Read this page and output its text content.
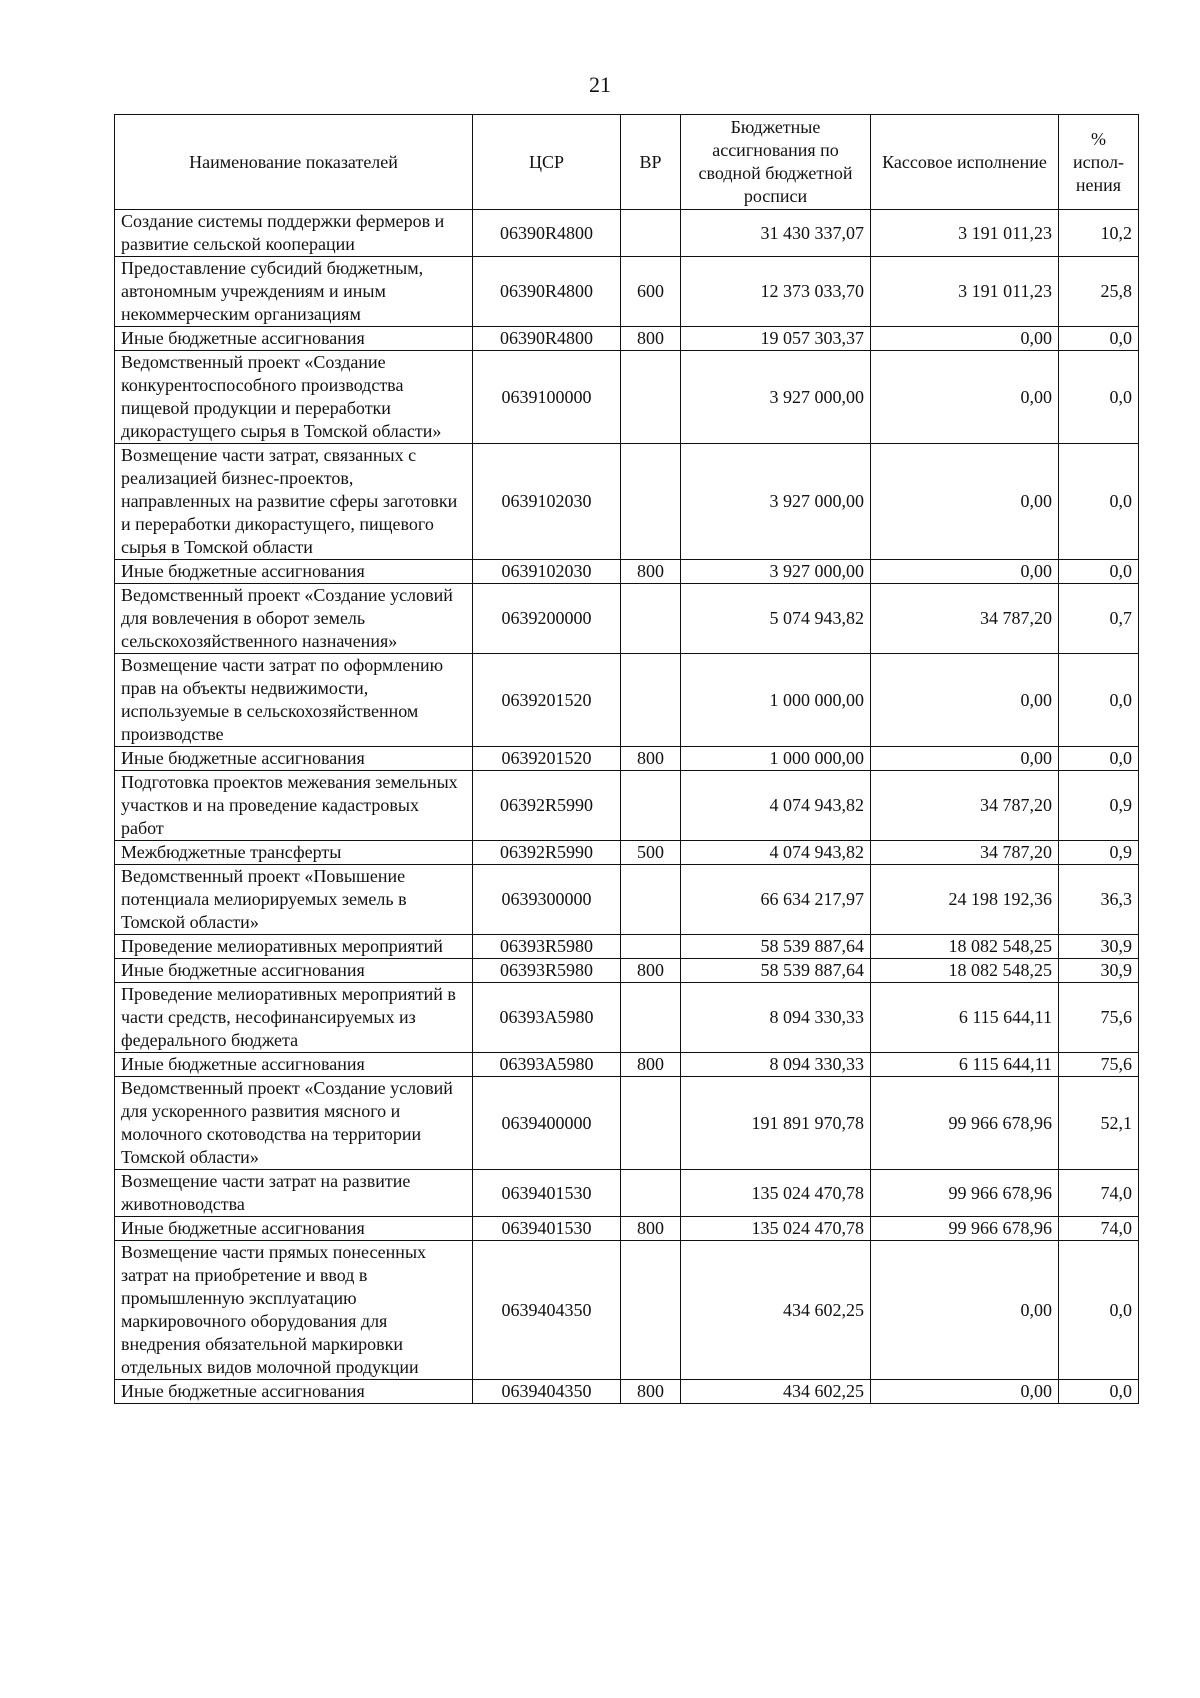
21
Наименование показателей	ЦСР	ВР	Бюджетные ассигнования по сводной бюджетной росписи	Кассовое исполнение	% испол-нения
Создание системы поддержки фермеров и развитие сельской кооперации	06390R4800		31 430 337,07	3 191 011,23	10,2
Предоставление субсидий бюджетным, автономным учреждениям и иным некоммерческим организациям	06390R4800	600	12 373 033,70	3 191 011,23	25,8
Иные бюджетные ассигнования	06390R4800	800	19 057 303,37	0,00	0,0
Ведомственный проект «Создание конкурентоспособного производства пищевой продукции и переработки дикорастущего сырья в Томской области»	0639100000		3 927 000,00	0,00	0,0
Возмещение части затрат, связанных с реализацией бизнес-проектов, направленных на развитие сферы заготовки и переработки дикорастущего, пищевого сырья в Томской области	0639102030		3 927 000,00	0,00	0,0
Иные бюджетные ассигнования	0639102030	800	3 927 000,00	0,00	0,0
Ведомственный проект «Создание условий для вовлечения в оборот земель сельскохозяйственного назначения»	0639200000		5 074 943,82	34 787,20	0,7
Возмещение части затрат по оформлению прав на объекты недвижимости, используемые в сельскохозяйственном производстве	0639201520		1 000 000,00	0,00	0,0
Иные бюджетные ассигнования	0639201520	800	1 000 000,00	0,00	0,0
Подготовка проектов межевания земельных участков и на проведение кадастровых работ	06392R5990		4 074 943,82	34 787,20	0,9
Межбюджетные трансферты	06392R5990	500	4 074 943,82	34 787,20	0,9
Ведомственный проект «Повышение потенциала мелиорируемых земель в Томской области»	0639300000		66 634 217,97	24 198 192,36	36,3
Проведение мелиоративных мероприятий	06393R5980		58 539 887,64	18 082 548,25	30,9
Иные бюджетные ассигнования	06393R5980	800	58 539 887,64	18 082 548,25	30,9
Проведение мелиоративных мероприятий в части средств, несофинансируемых из федерального бюджета	06393A5980		8 094 330,33	6 115 644,11	75,6
Иные бюджетные ассигнования	06393A5980	800	8 094 330,33	6 115 644,11	75,6
Ведомственный проект «Создание условий для ускоренного развития мясного и молочного скотоводства на территории Томской области»	0639400000		191 891 970,78	99 966 678,96	52,1
Возмещение части затрат на развитие животноводства	0639401530		135 024 470,78	99 966 678,96	74,0
Иные бюджетные ассигнования	0639401530	800	135 024 470,78	99 966 678,96	74,0
Возмещение части прямых понесенных затрат на приобретение и ввод в промышленную эксплуатацию маркировочного оборудования для внедрения обязательной маркировки отдельных видов молочной продукции	0639404350		434 602,25	0,00	0,0
Иные бюджетные ассигнования	0639404350	800	434 602,25	0,00	0,0
